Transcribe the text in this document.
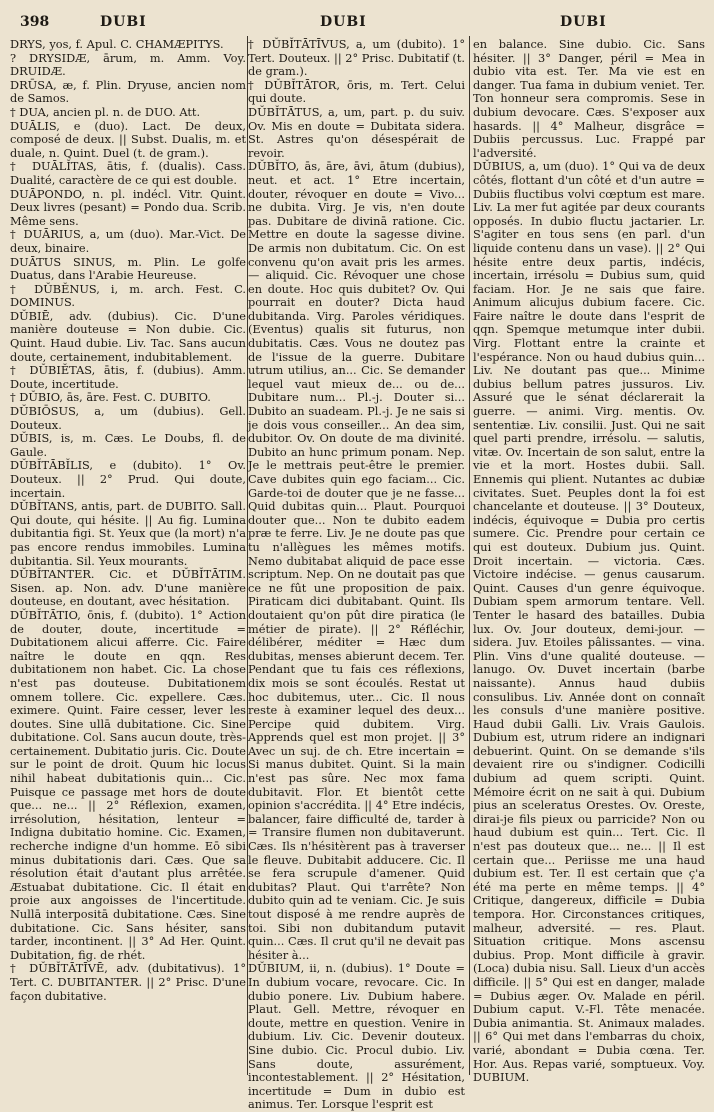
398	DUBI	DUBI	DUBI

DRYS, yos, f. Apul. C. CHAMÆPITYS.

? DRYSIDÆ, ārum, m. Amm. Voy. DRUIDÆ.

DRŪSA, æ, f. Plin. Dryuse, ancien nom de Samos.

† DUA, ancien pl. n. de DUO. Att.

DUĀLIS, e (duo). Lact. De deux, composé de deux. || Subst. Dualis, m. et duale, n. Quint. Duel (t. de gram.).

† DUĀLĬTAS, ātis, f. (dualis). Cass. Dualité, caractère de ce qui est double.

DUĀPONDO, n. pl. indécl. Vitr. Quint. Deux livres (pesant) = Pondo dua. Scrib. Même sens.

† DUĀRIUS, a, um (duo). Mar.-Vict. De deux, binaire.

DUĀTUS SINUS, m. Plin. Le golfe Duatus, dans l'Arabie Heureuse.

† DŬBĔNUS, i, m. arch. Fest. C. DOMINUS.

DŬBIĒ, adv. (dubius). Cic. D'une manière douteuse = Non dubie. Cic. Quint. Haud dubie. Liv. Tac. Sans aucun doute, certainement, indubitablement.

† DŬBIĔTAS, ātis, f. (dubius). Amm. Doute, incertitude.

† DŬBIO, ās, āre. Fest. C. DUBITO.

DŬBIŌSUS, a, um (dubius). Gell. Douteux.

DŬBIS, is, m. Cæs. Le Doubs, fl. de Gaule.

DŬBĬTĀBĬLIS, e (dubito). 1° Ov. Douteux. || 2° Prud. Qui doute, incertain.

DŬBĬTANS, antis, part. de DUBITO. Sall. Qui doute, qui hésite. || Au fig. Lumina dubitantia figi. St. Yeux que (la mort) n'a pas encore rendus immobiles. Lumina dubitantia. Sil. Yeux mourants.

DŬBĬTANTER. Cic. et DŬBĬTĀTIM. Sisen. ap. Non. adv. D'une manière douteuse, en doutant, avec hésitation.

DŬBĬTĀTIO, ōnis, f. (dubito). 1° Action de douter, doute, incertitude = Dubitationem alicui afferre. Cic. Faire naître le doute en qqn. Res dubitationem non habet. Cic. La chose n'est pas douteuse. Dubitationem omnem tollere. Cic. expellere. Cæs. eximere. Quint. Faire cesser, lever les doutes. Sine ullā dubitatione. Cic. Sine dubitatione. Col. Sans aucun doute, très-certainement. Dubitatio juris. Cic. Doute sur le point de droit. Quum hic locus nihil habeat dubitationis quin... Cic. Puisque ce passage met hors de doute que... ne... || 2° Réflexion, examen, irrésolution, hésitation, lenteur = Indigna dubitatio homine. Cic. Examen, recherche indigne d'un homme. Eō sibi minus dubitationis dari. Cæs. Que sa résolution était d'autant plus arrêtée. Æstuabat dubitatione. Cic. Il était en proie aux angoisses de l'incertitude. Nullā interpositā dubitatione. Cæs. Sine dubitatione. Cic. Sans hésiter, sans tarder, incontinent. || 3° Ad Her. Quint. Dubitation, fig. de rhét.

† DŬBĬTĀTĪVĒ, adv. (dubitativus). 1° Tert. C. DUBITANTER. || 2° Prisc. D'une façon dubitative.

† DŬBĬTĀTĪVUS, a, um (dubito). 1° Tert. Douteux. || 2° Prisc. Dubitatif (t. de gram.).

† DŬBĬTĀTOR, ōris, m. Tert. Celui qui doute.

DŬBĬTĀTUS, a, um, part. p. du suiv. Ov. Mis en doute = Dubitata sidera. St. Astres qu'on désespérait de revoir.

DŬBĬTO, ās, āre, āvi, ātum (dubius), neut. et act. 1° Etre incertain, douter, révoquer en doute = Vivo... ne dubita. Virg. Je vis, n'en doute pas. Dubitare de divinā ratione. Cic. Mettre en doute la sagesse divine. De armis non dubitatum. Cic. On est convenu qu'on avait pris les armes. — aliquid. Cic. Révoquer une chose en doute. Hoc quis dubitet? Ov. Qui pourrait en douter? Dicta haud dubitanda. Virg. Paroles véridiques. (Eventus) qualis sit futurus, non dubitatis. Cæs. Vous ne doutez pas de l'issue de la guerre. Dubitare utrum utilius, an... Cic. Se demander lequel vaut mieux de... ou de... Dubitare num... Pl.-j. Douter si... Dubito an suadeam. Pl.-j. Je ne sais si je dois vous conseiller... An dea sim, dubitor. Ov. On doute de ma divinité. Dubito an hunc primum ponam. Nep. Je le mettrais peut-être le premier. Cave dubites quin ego faciam... Cic. Garde-toi de douter que je ne fasse... Quid dubitas quin... Plaut. Pourquoi douter que... Non te dubito eadem præ te ferre. Liv. Je ne doute pas que tu n'allègues les mêmes motifs. Nemo dubitabat aliquid de pace esse scriptum. Nep. On ne doutait pas que ce ne fût une proposition de paix. Piraticam dici dubitabant. Quint. Ils doutaient qu'on pût dire piratica (le métier de pirate). || 2° Réfléchir, délibérer, méditer = Hæc dum dubitas, menses abierunt decem. Ter. Pendant que tu fais ces réflexions, dix mois se sont écoulés. Restat ut hoc dubitemus, uter... Cic. Il nous reste à examiner lequel des deux... Percipe quid dubitem. Virg. Apprends quel est mon projet. || 3° Avec un suj. de ch. Etre incertain = Si manus dubitet. Quint. Si la main n'est pas sûre. Nec mox fama dubitavit. Flor. Et bientôt cette opinion s'accrédita. || 4° Etre indécis, balancer, faire difficulté de, tarder à = Transire flumen non dubitaverunt. Cæs. Ils n'hésitèrent pas à traverser le fleuve. Dubitabit adducere. Cic. Il se fera scrupule d'amener. Quid dubitas? Plaut. Qui t'arrête? Non dubito quin ad te veniam. Cic. Je suis tout disposé à me rendre auprès de toi. Sibi non dubitandum putavit quin... Cæs. Il crut qu'il ne devait pas hésiter à...

DŬBIUM, ii, n. (dubius). 1° Doute = In dubium vocare, revocare. Cic. In dubio ponere. Liv. Dubium habere. Plaut. Gell. Mettre, révoquer en doute, mettre en question. Venire in dubium. Liv. Cic. Devenir douteux. Sine dubio. Cic. Procul dubio. Liv. Sans doute, assurément, incontestablement. || 2° Hésitation, incertitude = Dum in dubio est animus. Ter. Lorsque l'esprit est

en balance. Sine dubio. Cic. Sans hésiter. || 3° Danger, péril = Mea in dubio vita est. Ter. Ma vie est en danger. Tua fama in dubium veniet. Ter. Ton honneur sera compromis. Sese in dubium devocare. Cæs. S'exposer aux hasards. || 4° Malheur, disgrâce = Dubiis percussus. Luc. Frappé par l'adversité.

DŬBIUS, a, um (duo). 1° Qui va de deux côtés, flottant d'un côté et d'un autre = Dubiis fluctibus volvi cœptum est mare. Liv. La mer fut agitée par deux courants opposés. In dubio fluctu jactarier. Lr. S'agiter en tous sens (en parl. d'un liquide contenu dans un vase). || 2° Qui hésite entre deux partis, indécis, incertain, irrésolu = Dubius sum, quid faciam. Hor. Je ne sais que faire. Animum alicujus dubium facere. Cic. Faire naître le doute dans l'esprit de qqn. Spemque metumque inter dubii. Virg. Flottant entre la crainte et l'espérance. Non ou haud dubius quin... Liv. Ne doutant pas que... Minime dubius bellum patres jussuros. Liv. Assuré que le sénat déclarerait la guerre. — animi. Virg. mentis. Ov. sententiæ. Liv. consilii. Just. Qui ne sait quel parti prendre, irrésolu. — salutis, vitæ. Ov. Incertain de son salut, entre la vie et la mort. Hostes dubii. Sall. Ennemis qui plient. Nutantes ac dubiæ civitates. Suet. Peuples dont la foi est chancelante et douteuse. || 3° Douteux, indécis, équivoque = Dubia pro certis sumere. Cic. Prendre pour certain ce qui est douteux. Dubium jus. Quint. Droit incertain. — victoria. Cæs. Victoire indécise. — genus causarum. Quint. Causes d'un genre équivoque. Dubiam spem armorum tentare. Vell. Tenter le hasard des batailles. Dubia lux. Ov. Jour douteux, demi-jour. — sidera. Juv. Etoiles pâlissantes. — vina. Plin. Vins d'une qualité douteuse. — lanugo. Ov. Duvet incertain (barbe naissante). Annus haud dubiis consulibus. Liv. Année dont on connaît les consuls d'une manière positive. Haud dubii Galli. Liv. Vrais Gaulois. Dubium est, utrum ridere an indignari debuerint. Quint. On se demande s'ils devaient rire ou s'indigner. Codicilli dubium ad quem scripti. Quint. Mémoire écrit on ne sait à qui. Dubium pius an sceleratus Orestes. Ov. Oreste, dirai-je fils pieux ou parricide? Non ou haud dubium est quin... Tert. Cic. Il n'est pas douteux que... ne... || Il est certain que... Periisse me una haud dubium est. Ter. Il est certain que ç'a été ma perte en même temps. || 4° Critique, dangereux, difficile = Dubia tempora. Hor. Circonstances critiques, malheur, adversité. — res. Plaut. Situation critique. Mons ascensu dubius. Prop. Mont difficile à gravir. (Loca) dubia nisu. Sall. Lieux d'un accès difficile. || 5° Qui est en danger, malade = Dubius æger. Ov. Malade en péril. Dubium caput. V.-Fl. Tête menacée. Dubia animantia. St. Animaux malades. || 6° Qui met dans l'embarras du choix, varié, abondant = Dubia cœna. Ter. Hor. Aus. Repas varié, somptueux. Voy. DUBIUM.
